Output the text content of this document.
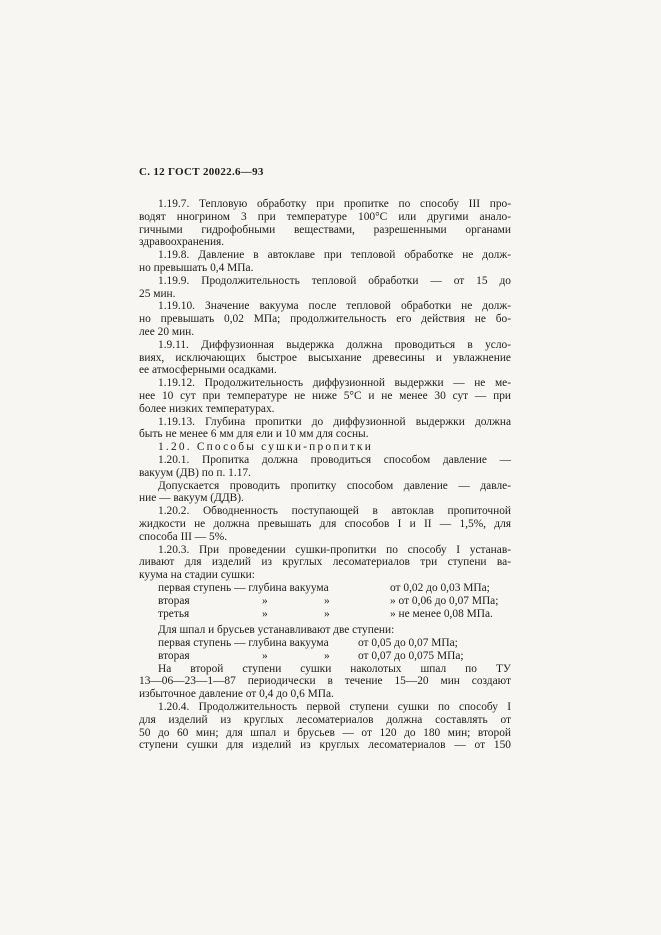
С. 12 ГОСТ 20022.6—93
1.19.7. Тепловую обработку при пропитке по способу III про-
водят нногрином 3 при температуре 100°С или другими анало-
гичными гидрофобными веществами, разрешенными органами
здравоохранения.
1.19.8. Давление в автоклаве при тепловой обработке не долж-
но превышать 0,4 МПа.
1.19.9. Продолжительность тепловой обработки — от 15 до
25 мин.
1.19.10. Значение вакуума после тепловой обработки не долж-
но превышать 0,02 МПа; продолжительность его действия не бо-
лее 20 мин.
1.9.11. Диффузионная выдержка должна проводиться в усло-
виях, исключающих быстрое высыхание древесины и увлажнение
ее атмосферными осадками.
1.19.12. Продолжительность диффузионной выдержки — не ме-
нее 10 сут при температуре не ниже 5°С и не менее 30 сут — при
более низких температурах.
1.19.13. Глубина пропитки до диффузионной выдержки должна
быть не менее 6 мм для ели и 10 мм для сосны.
1.20. Способы сушки-пропитки
1.20.1. Пропитка должна проводиться способом давление —
вакуум (ДВ) по п. 1.17.
Допускается проводить пропитку способом давление — давле-
ние — вакуум (ДДВ).
1.20.2. Обводненность поступающей в автоклав пропиточной
жидкости не должна превышать для способов I и II — 1,5%, для
способа III — 5%.
1.20.3. При проведении сушки-пропитки по способу I устанав-
ливают для изделий из круглых лесоматериалов три ступени ва-
куума на стадии сушки:
первая ступень — глубина вакуума	от 0,02 до 0,03 МПа;
вторая	»	»	» от 0,06 до 0,07 МПа;
третья	»	»	» не менее 0,08 МПа.
Для шпал и брусьев устанавливают две ступени:
первая ступень — глубина вакуума	от 0,05 до 0,07 МПа;
вторая	»	»	от 0,07 до 0,075 МПа;
На второй ступени сушки наколотых шпал по ТУ
13—06—23—1—87 периодически в течение 15—20 мин создают
избыточное давление от 0,4 до 0,6 МПа.
1.20.4. Продолжительность первой ступени сушки по способу I
для изделий из круглых лесоматериалов должна составлять от
50 до 60 мин; для шпал и брусьев — от 120 до 180 мин; второй
ступени сушки для изделий из круглых лесоматериалов — от 150
